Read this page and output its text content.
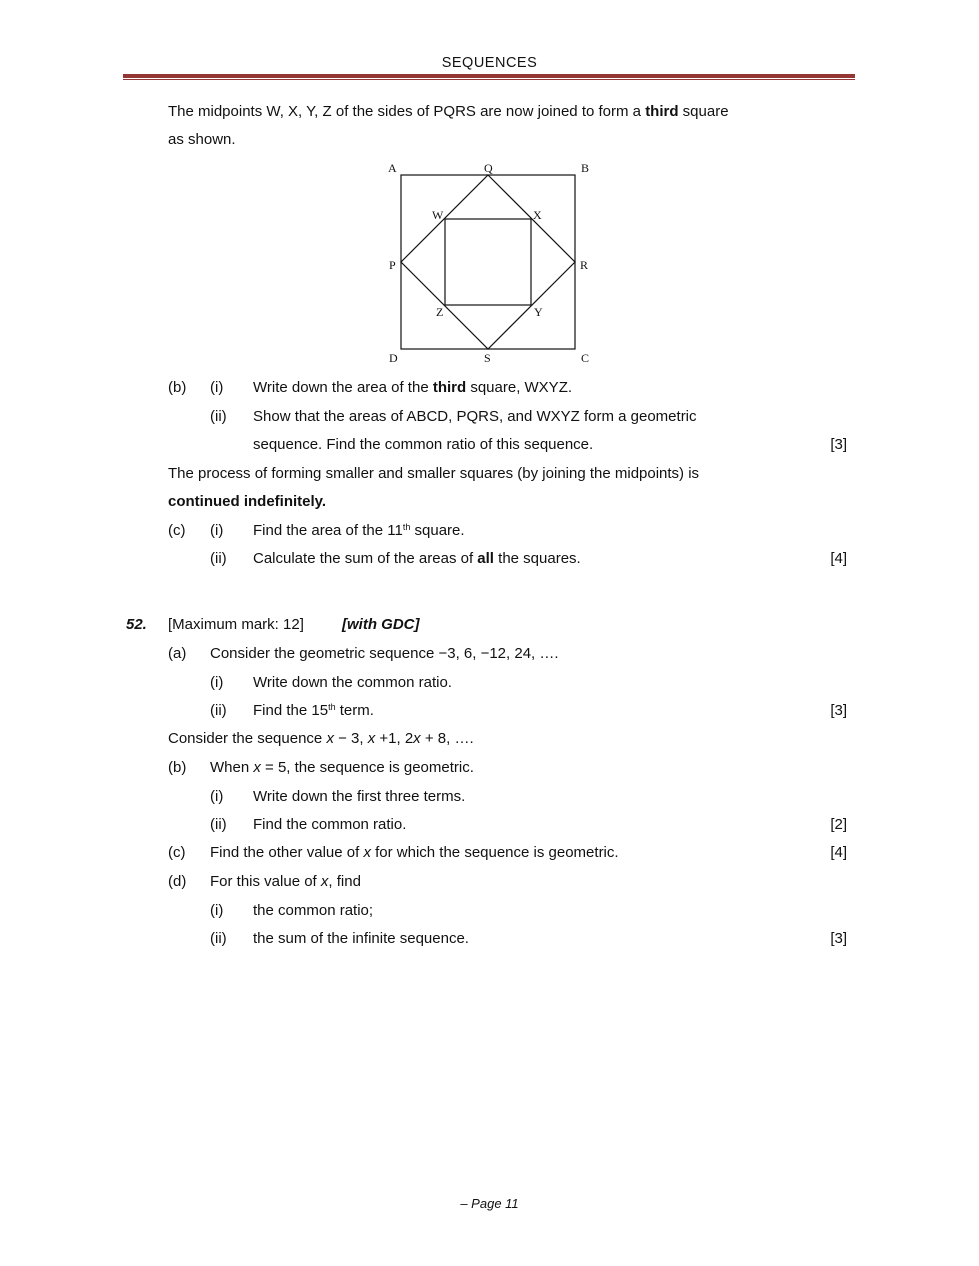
SEQUENCES
The midpoints W, X, Y, Z of the sides of PQRS are now joined to form a third square
as shown.
A	Q	B
W	X
P	R
Z	Y
D	S	C
(b) (i) Write down the area of the third square, WXYZ.
(ii) Show that the areas of ABCD, PQRS, and WXYZ form a geometric
sequence. Find the common ratio of this sequence.	[3]
The process of forming smaller and smaller squares (by joining the midpoints) is
continued indefinitely.
(c) (i) Find the area of the 11th square.
(ii) Calculate the sum of the areas of all the squares.	[4]
52. [Maximum mark: 12]	[with GDC]
(a) Consider the geometric sequence −3, 6, −12, 24, ….
(i) Write down the common ratio.
(ii) Find the 15th term.	[3]
Consider the sequence x − 3, x +1, 2x + 8, ….
(b) When x = 5, the sequence is geometric.
(i) Write down the first three terms.
(ii) Find the common ratio.	[2]
(c) Find the other value of x for which the sequence is geometric.	[4]
(d) For this value of x, find
(i) the common ratio;
(ii) the sum of the infinite sequence.	[3]
– Page 11
